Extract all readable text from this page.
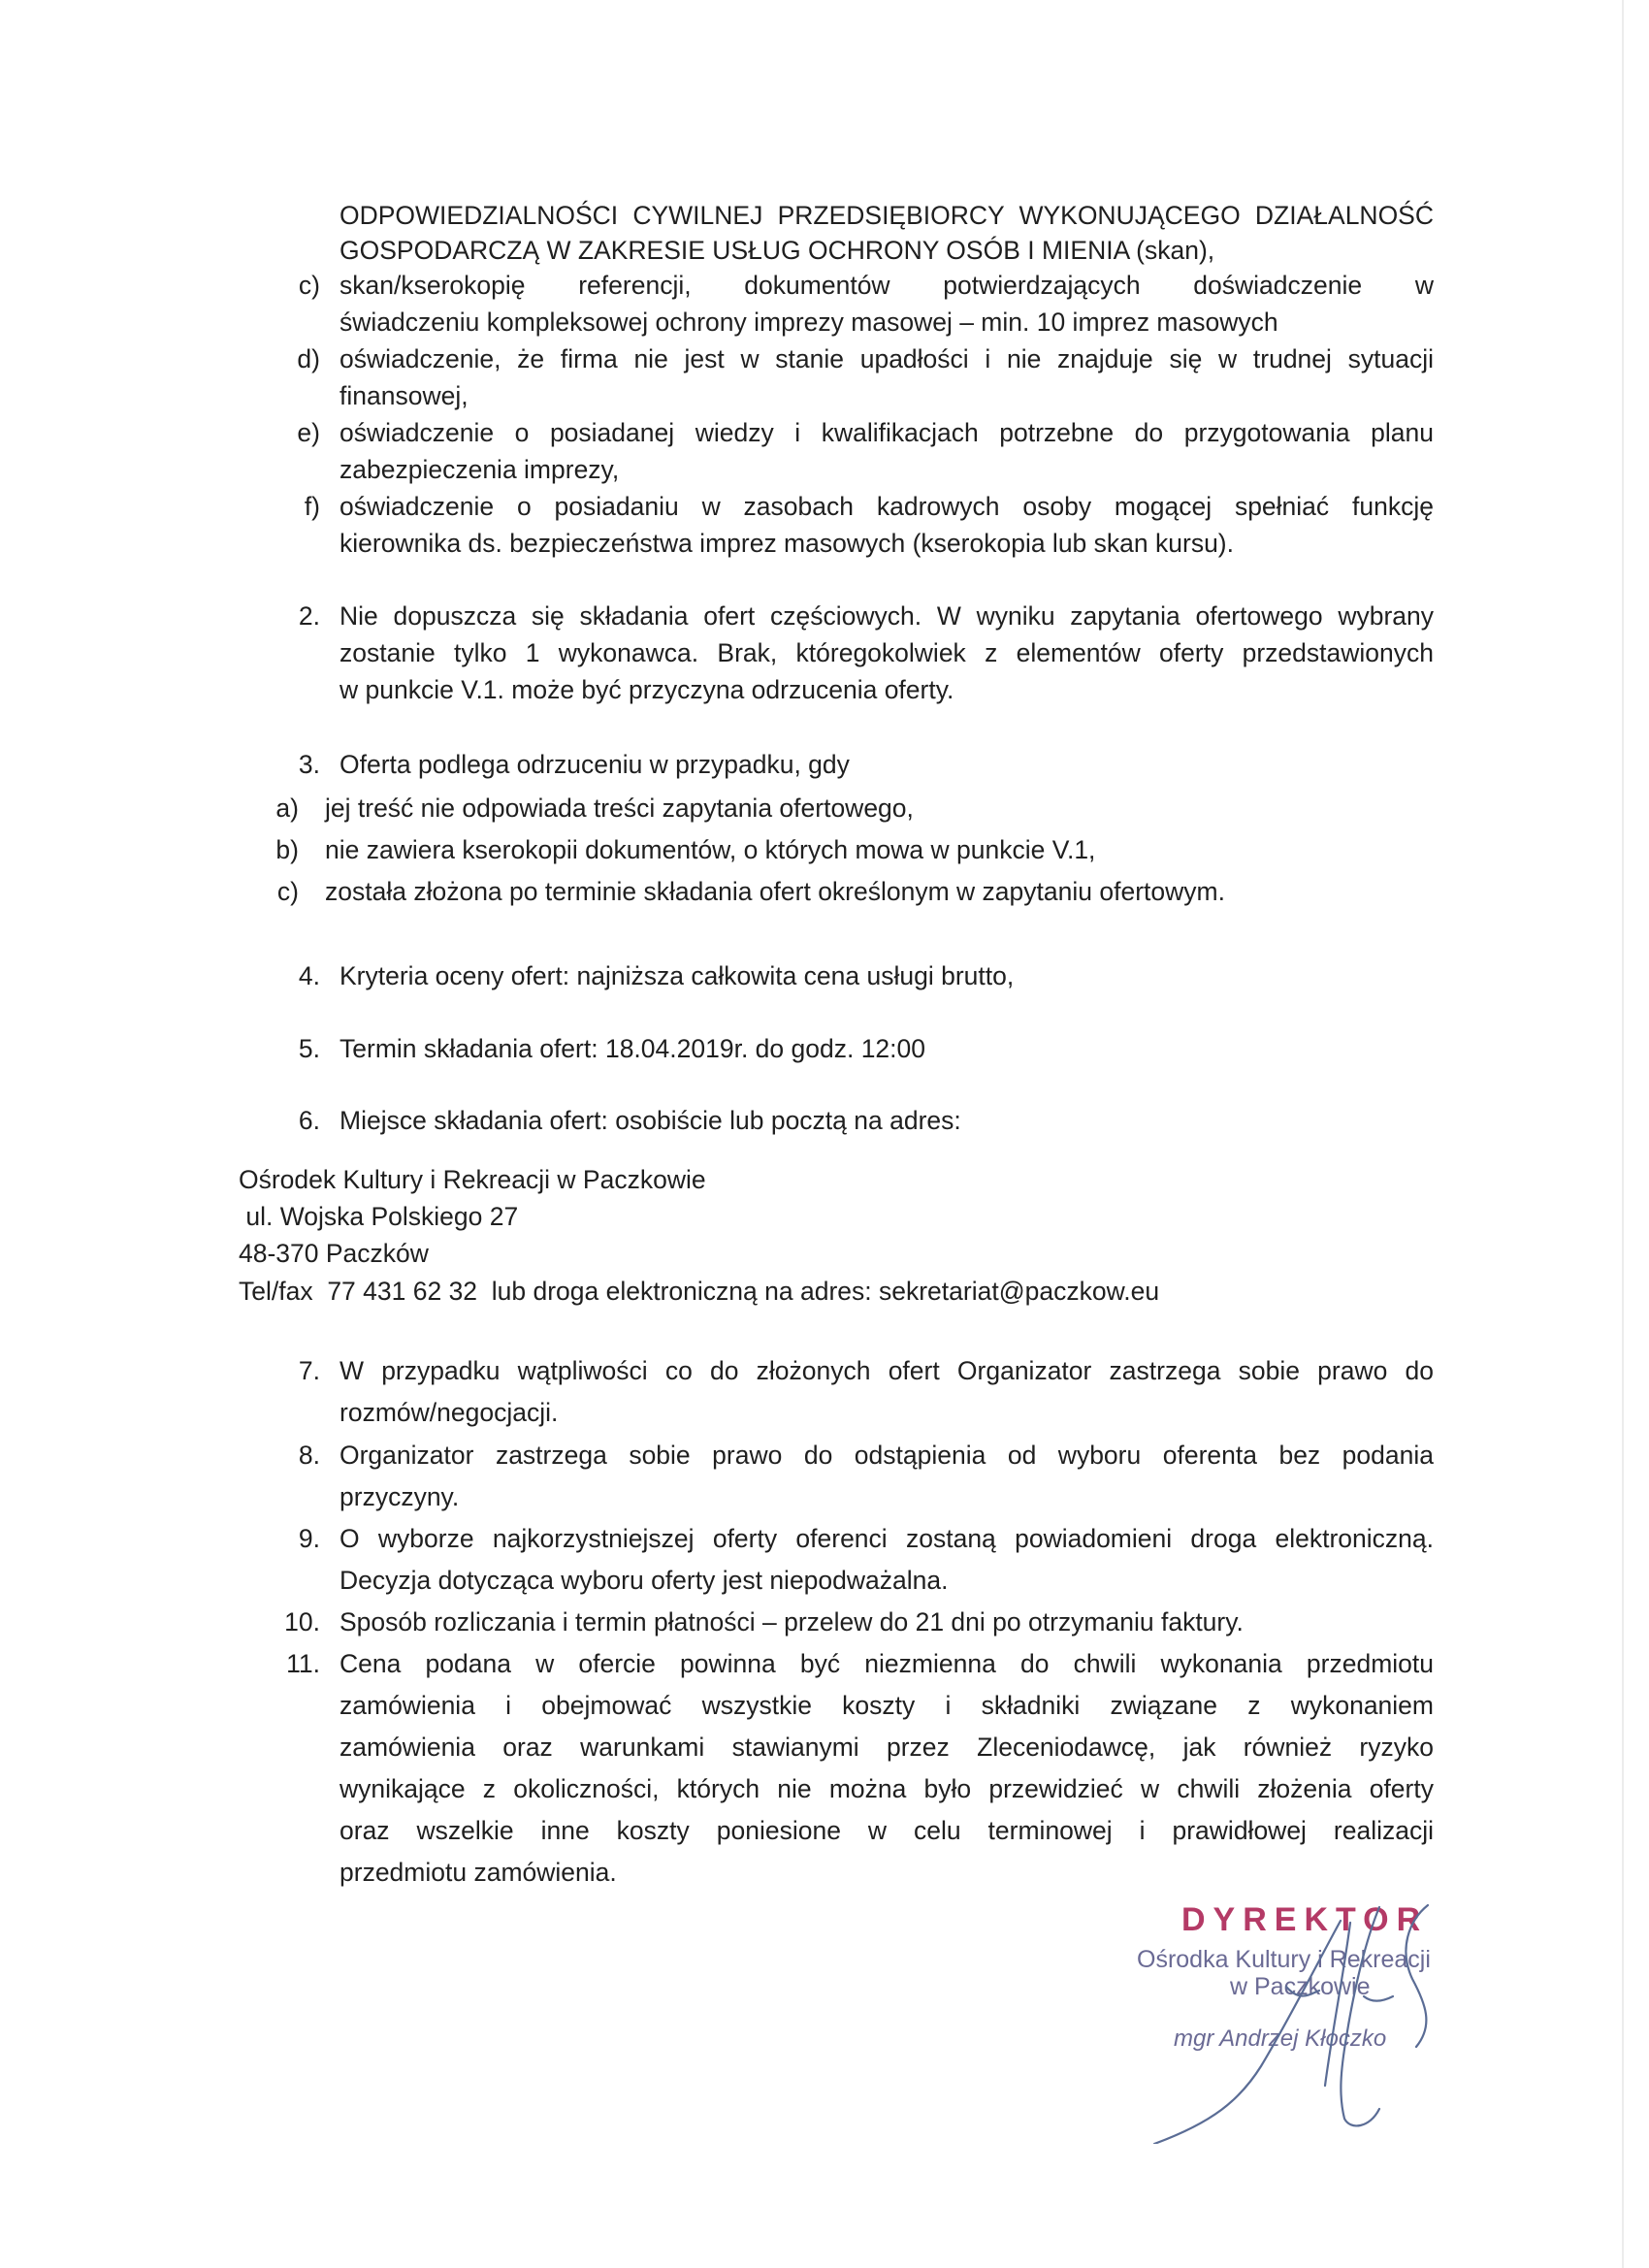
ODPOWIEDZIALNOŚCI CYWILNEJ PRZEDSIĘBIORCY WYKONUJĄCEGO DZIAŁALNOŚĆ
GOSPODARCZĄ W ZAKRESIE USŁUG OCHRONY OSÓB I MIENIA (skan),
c) skan/kserokopię referencji, dokumentów potwierdzających doświadczenie w
świadczeniu kompleksowej ochrony imprezy masowej – min. 10 imprez masowych
d) oświadczenie, że firma nie jest w stanie upadłości i nie znajduje się w trudnej sytuacji
finansowej,
e) oświadczenie o posiadanej wiedzy i kwalifikacjach potrzebne do przygotowania planu
zabezpieczenia imprezy,
f) oświadczenie o posiadaniu w zasobach kadrowych osoby mogącej spełniać funkcję
kierownika ds. bezpieczeństwa imprez masowych (kserokopia lub skan kursu).
2. Nie dopuszcza się składania ofert częściowych. W wyniku zapytania ofertowego wybrany
zostanie tylko 1 wykonawca. Brak, któregokolwiek z elementów oferty przedstawionych
w punkcie V.1. może być przyczyna odrzucenia oferty.
3. Oferta podlega odrzuceniu w przypadku, gdy
a) jej treść nie odpowiada treści zapytania ofertowego,
b) nie zawiera kserokopii dokumentów, o których mowa w punkcie V.1,
c) została złożona po terminie składania ofert określonym w zapytaniu ofertowym.
4. Kryteria oceny ofert: najniższa całkowita cena usługi brutto,
5. Termin składania ofert: 18.04.2019r. do godz. 12:00
6. Miejsce składania ofert: osobiście lub pocztą na adres:
Ośrodek Kultury i Rekreacji w Paczkowie
ul. Wojska Polskiego 27
48-370 Paczków
Tel/fax  77 431 62 32  lub droga elektroniczną na adres: sekretariat@paczkow.eu
7. W przypadku wątpliwości co do złożonych ofert Organizator zastrzega sobie prawo do
rozmów/negocjacji.
8. Organizator zastrzega sobie prawo do odstąpienia od wyboru oferenta bez podania
przyczyny.
9. O wyborze najkorzystniejszej oferty oferenci zostaną powiadomieni droga elektroniczną.
Decyzja dotycząca wyboru oferty jest niepodważalna.
10. Sposób rozliczania i termin płatności – przelew do 21 dni po otrzymaniu faktury.
11. Cena podana w ofercie powinna być niezmienna do chwili wykonania przedmiotu
zamówienia i obejmować wszystkie koszty i składniki związane z wykonaniem
zamówienia oraz warunkami stawianymi przez Zleceniodawcę, jak również ryzyko
wynikające z okoliczności, których nie można było przewidzieć w chwili złożenia oferty
oraz wszelkie inne koszty poniesione w celu terminowej i prawidłowej realizacji
przedmiotu zamówienia.
DYREKTOR
Ośrodka Kultury i Rekreacji
w Paczkowie
mgr Andrzej Kłoczko
